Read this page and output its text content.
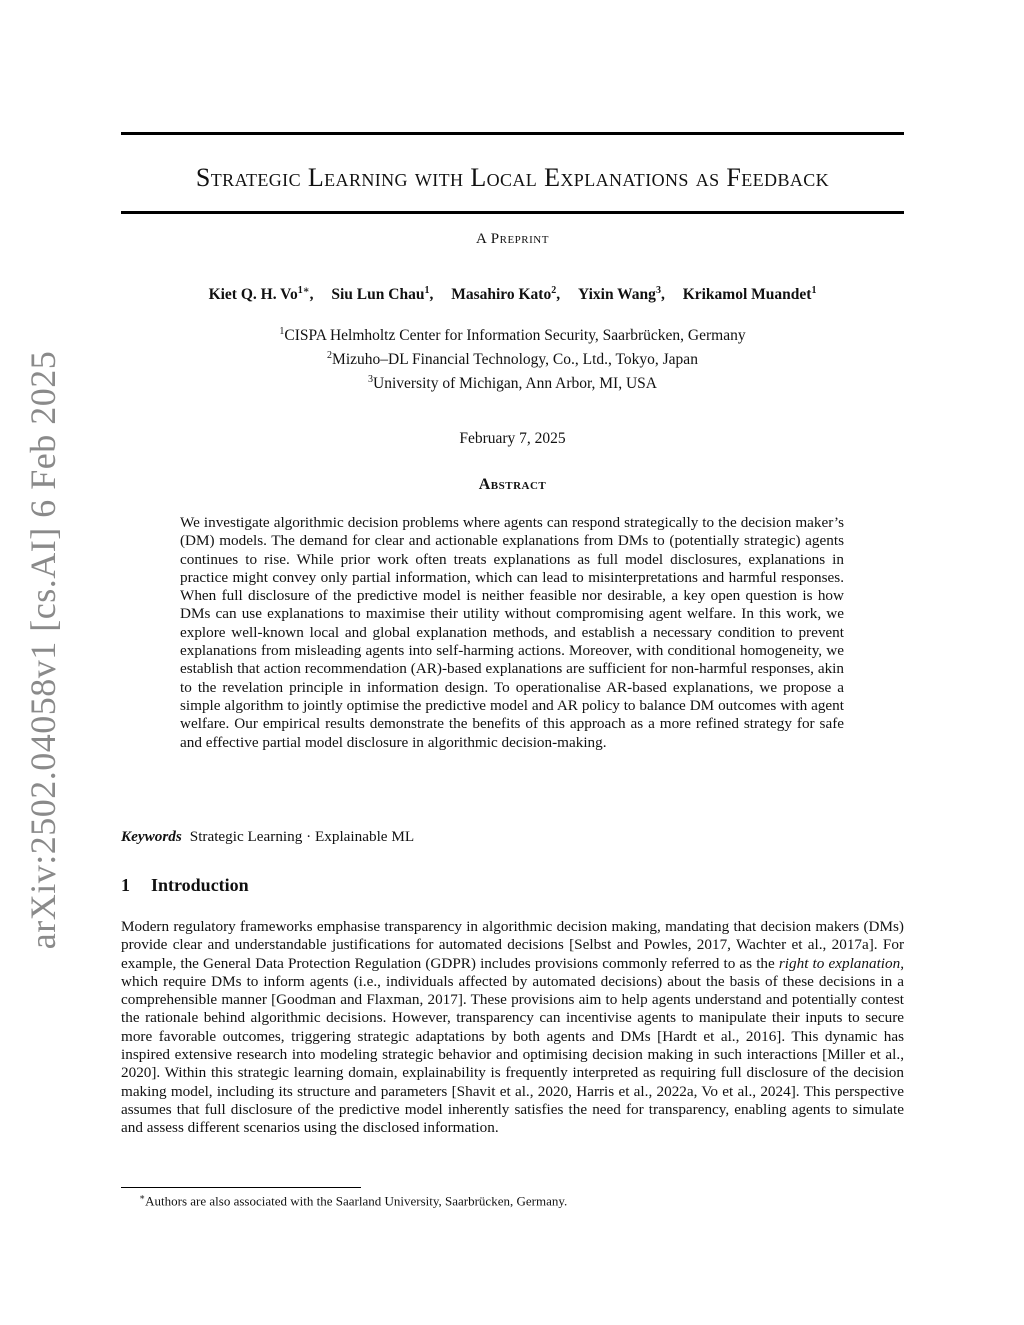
arXiv:2502.04058v1 [cs.AI] 6 Feb 2025
Strategic Learning with Local Explanations as Feedback
A Preprint
Kiet Q. H. $Vo^{1∗}$, Siu Lun Chau$^1$, Masahiro Kato$^2$, Yixin Wang$^3$, Krikamol Muandet$^1$
$^1$CISPA Helmholtz Center for Information Security, Saarbrücken, Germany
$^2$Mizuho–DL Financial Technology, Co., Ltd., Tokyo, Japan
$^3$University of Michigan, Ann Arbor, MI, USA
February 7, 2025
Abstract
We investigate algorithmic decision problems where agents can respond strategically to the decision maker’s (DM) models. The demand for clear and actionable explanations from DMs to (potentially strategic) agents continues to rise. While prior work often treats explanations as full model disclosures, explanations in practice might convey only partial information, which can lead to misinterpretations and harmful responses. When full disclosure of the predictive model is neither feasible nor desirable, a key open question is how DMs can use explanations to maximise their utility without compromising agent welfare. In this work, we explore well-known local and global explanation methods, and establish a necessary condition to prevent explanations from misleading agents into self-harming actions. Moreover, with conditional homogeneity, we establish that action recommendation (AR)-based explanations are sufficient for non-harmful responses, akin to the revelation principle in information design. To operationalise AR-based explanations, we propose a simple algorithm to jointly optimise the predictive model and AR policy to balance DM outcomes with agent welfare. Our empirical results demonstrate the benefits of this approach as a more refined strategy for safe and effective partial model disclosure in algorithmic decision-making.
Keywords Strategic Learning · Explainable ML
1 Introduction
Modern regulatory frameworks emphasise transparency in algorithmic decision making, mandating that decision makers (DMs) provide clear and understandable justifications for automated decisions [Selbst and Powles, 2017, Wachter et al., 2017a]. For example, the General Data Protection Regulation (GDPR) includes provisions commonly referred to as the right to explanation, which require DMs to inform agents (i.e., individuals affected by automated decisions) about the basis of these decisions in a comprehensible manner [Goodman and Flaxman, 2017]. These provisions aim to help agents understand and potentially contest the rationale behind algorithmic decisions. However, transparency can incentivise agents to manipulate their inputs to secure more favorable outcomes, triggering strategic adaptations by both agents and DMs [Hardt et al., 2016]. This dynamic has inspired extensive research into modeling strategic behavior and optimising decision making in such interactions [Miller et al., 2020]. Within this strategic learning domain, explainability is frequently interpreted as requiring full disclosure of the decision making model, including its structure and parameters [Shavit et al., 2020, Harris et al., 2022a, Vo et al., 2024]. This perspective assumes that full disclosure of the predictive model inherently satisfies the need for transparency, enabling agents to simulate and assess different scenarios using the disclosed information.
∗Authors are also associated with the Saarland University, Saarbrücken, Germany.
